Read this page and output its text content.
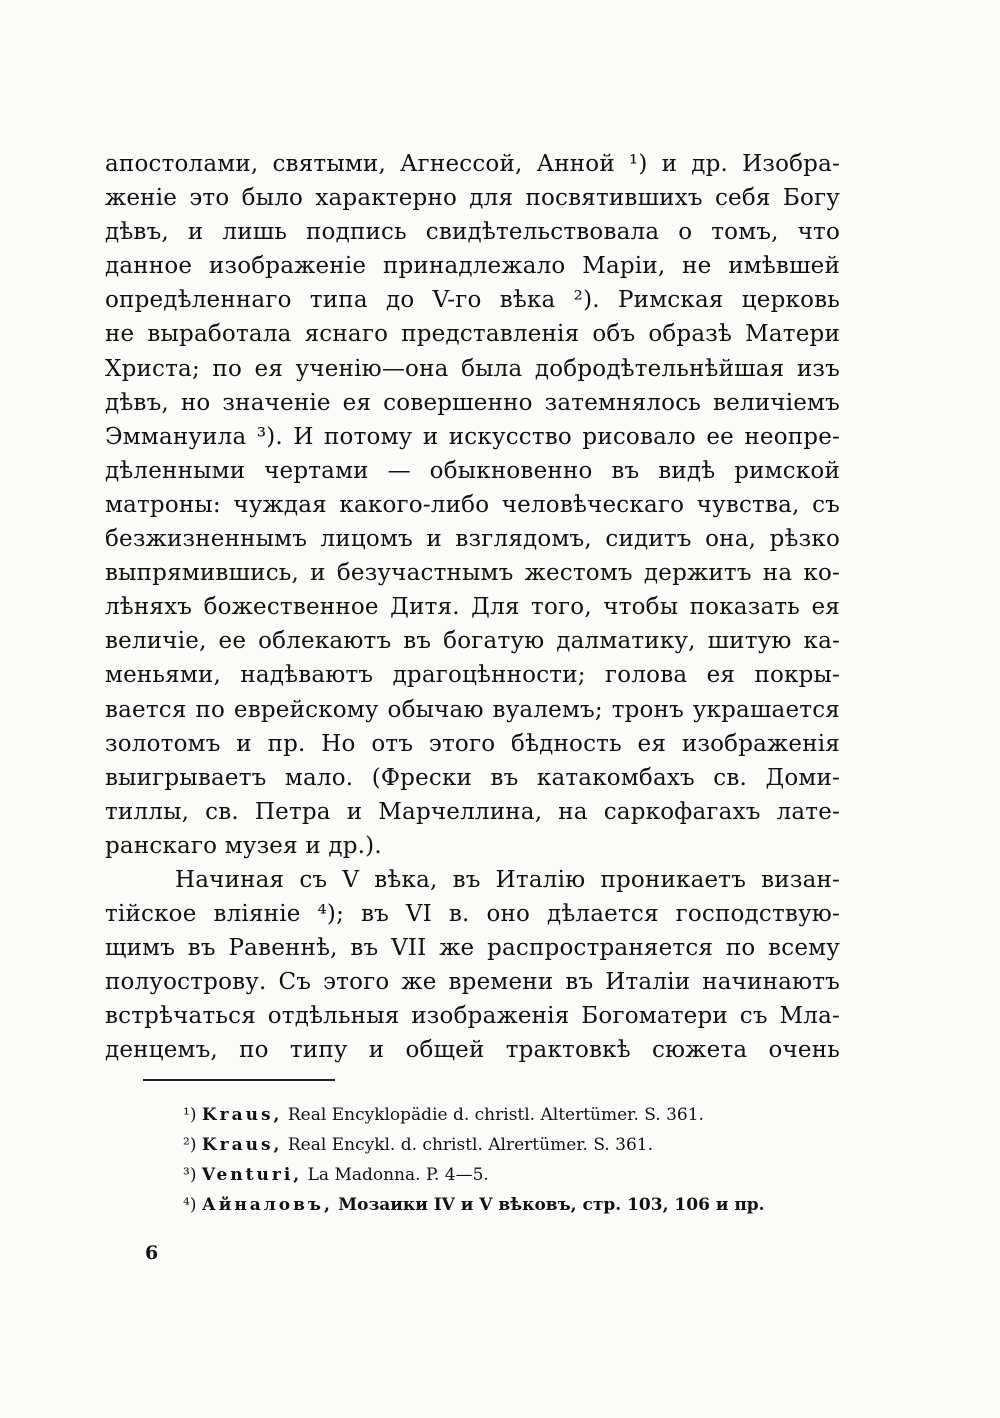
апостолами, святыми, Агнессой, Анной ¹) и др. Изобра-
женіе это было характерно для посвятившихъ себя Богу
дѣвъ, и лишь подпись свидѣтельствовала о томъ, что
данное изображеніе принадлежало Маріи, не имѣвшей
опредѣленнаго типа до V-го вѣка ²). Римская церковь
не выработала яснаго представленія объ образѣ Матери
Христа; по ея ученію—она была добродѣтельнѣйшая изъ
дѣвъ, но значеніе ея совершенно затемнялось величіемъ
Эммануила ³). И потому и искусство рисовало ее неопре-
дѣленными чертами — обыкновенно въ видѣ римской
матроны: чуждая какого-либо человѣческаго чувства, съ
безжизненнымъ лицомъ и взглядомъ, сидитъ она, рѣзко
выпрямившись, и безучастнымъ жестомъ держитъ на ко-
лѣняхъ божественное Дитя. Для того, чтобы показать ея
величіе, ее облекаютъ въ богатую далматику, шитую ка-
меньями, надѣваютъ драгоцѣнности; голова ея покры-
вается по еврейскому обычаю вуалемъ; тронъ украшается
золотомъ и пр. Но отъ этого бѣдность ея изображенія
выигрываетъ мало. (Фрески въ катакомбахъ св. Доми-
тиллы, св. Петра и Марчеллина, на саркофагахъ лате-
ранскаго музея и др.).
Начиная съ V вѣка, въ Италію проникаетъ визан-
тійское вліяніе ⁴); въ VI в. оно дѣлается господствую-
щимъ въ Равеннѣ, въ VII же распространяется по всему
полуострову. Съ этого же времени въ Италіи начинаютъ
встрѣчаться отдѣльныя изображенія Богоматери съ Мла-
денцемъ, по типу и общей трактовкѣ сюжета очень
¹) Kraus, Real Encyklopädie d. christl. Altertümer. S. 361.
²) Kraus, Real Encykl. d. christl. Alrertümer. S. 361.
³) Venturi, La Madonna. P. 4—5.
⁴) Айналовъ, Мозаики IV и V вѣковъ, стр. 103, 106 и пр.
6
